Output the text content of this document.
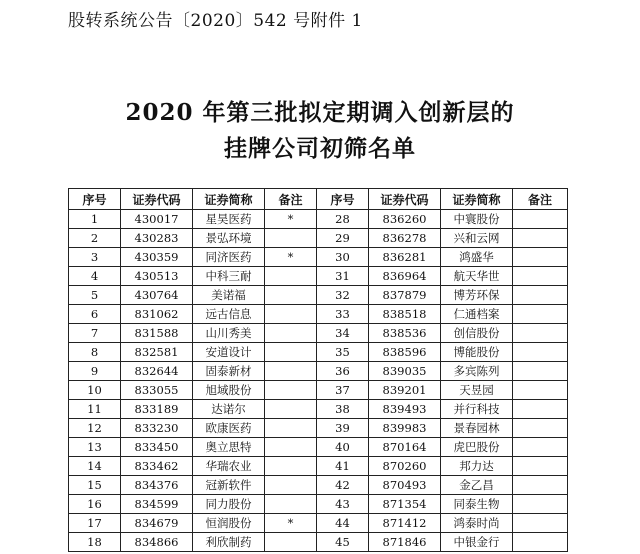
股转系统公告〔2020〕542 号附件 1
2020 年第三批拟定期调入创新层的
挂牌公司初筛名单
序号	证券代码	证券简称	备注	序号	证券代码	证券简称	备注
1	430017	星昊医药	*	28	836260	中寰股份	
2	430283	景弘环境		29	836278	兴和云网	
3	430359	同济医药	*	30	836281	鸿盛华	
4	430513	中科三耐		31	836964	航天华世	
5	430764	美诺福		32	837879	博芳环保	
6	831062	远古信息		33	838518	仁通档案	
7	831588	山川秀美		34	838536	创信股份	
8	832581	安道设计		35	838596	博能股份	
9	832644	固泰新材		36	839035	多宾陈列	
10	833055	旭域股份		37	839201	天昱园	
11	833189	达诺尔		38	839493	并行科技	
12	833230	欧康医药		39	839983	景春园林	
13	833450	奥立思特		40	870164	虎巴股份	
14	833462	华瑞农业		41	870260	邦力达	
15	834376	冠新软件		42	870493	金乙昌	
16	834599	同力股份		43	871354	同泰生物	
17	834679	恒润股份	*	44	871412	鸿泰时尚	
18	834866	利欣制药		45	871846	中银金行	
